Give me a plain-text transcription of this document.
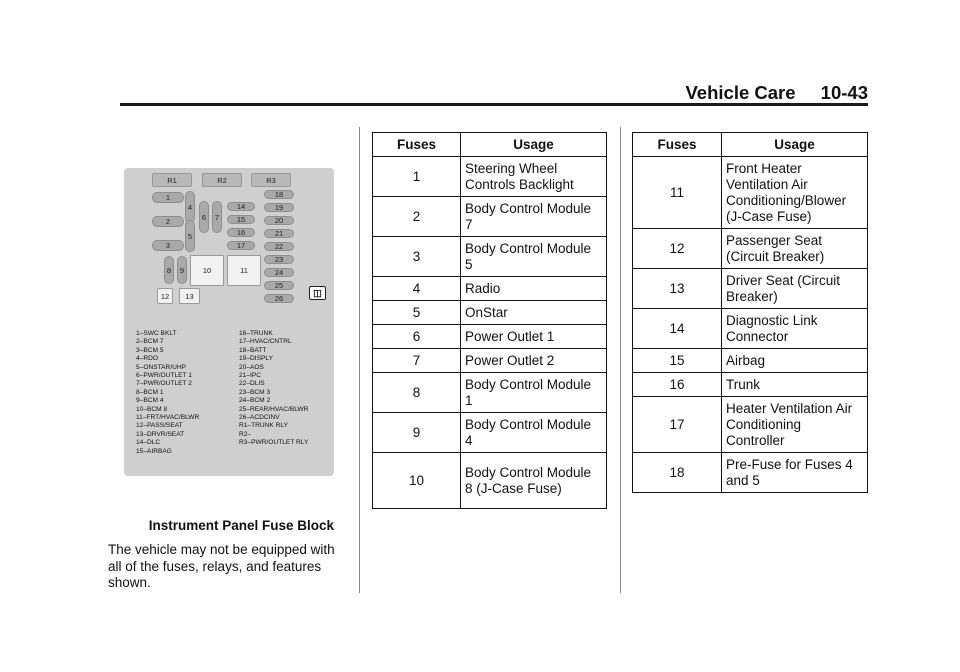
Vehicle Care 10-43
R1	R2	R3
1
2
3
4
5
6	7
8	9	10	11
12	13
14
15
16
17
18
19
20
21
22
23
24
25
26
◫
1–SWC BKLT
2–BCM 7
3–BCM 5
4–RDO
5–ONSTAR/UHP
6–PWR/OUTLET 1
7–PWR/OUTLET 2
8–BCM 1
9–BCM 4
10–BCM 8
11–FRT/HVAC/BLWR
12–PASS/SEAT
13–DRVR/SEAT
14–DLC
15–AIRBAG
16–TRUNK
17–HVAC/CNTRL
18–BATT
19–DISPLY
20–AOS
21–IPC
22–DLIS
23–BCM 3
24–BCM 2
25–REAR/HVAC/BLWR
26–ACDCINV
R1–TRUNK RLY
R2–
R3–PWR/OUTLET RLY
Instrument Panel Fuse Block
The vehicle may not be equipped with all of the fuses, relays, and features shown.
Fuses	Usage
1	Steering Wheel Controls Backlight
2	Body Control Module 7
3	Body Control Module 5
4	Radio
5	OnStar
6	Power Outlet 1
7	Power Outlet 2
8	Body Control Module 1
9	Body Control Module 4
10	Body Control Module 8 (J-Case Fuse)
Fuses	Usage
11	Front Heater Ventilation Air Conditioning/Blower (J-Case Fuse)
12	Passenger Seat (Circuit Breaker)
13	Driver Seat (Circuit Breaker)
14	Diagnostic Link Connector
15	Airbag
16	Trunk
17	Heater Ventilation Air Conditioning Controller
18	Pre-Fuse for Fuses 4 and 5
